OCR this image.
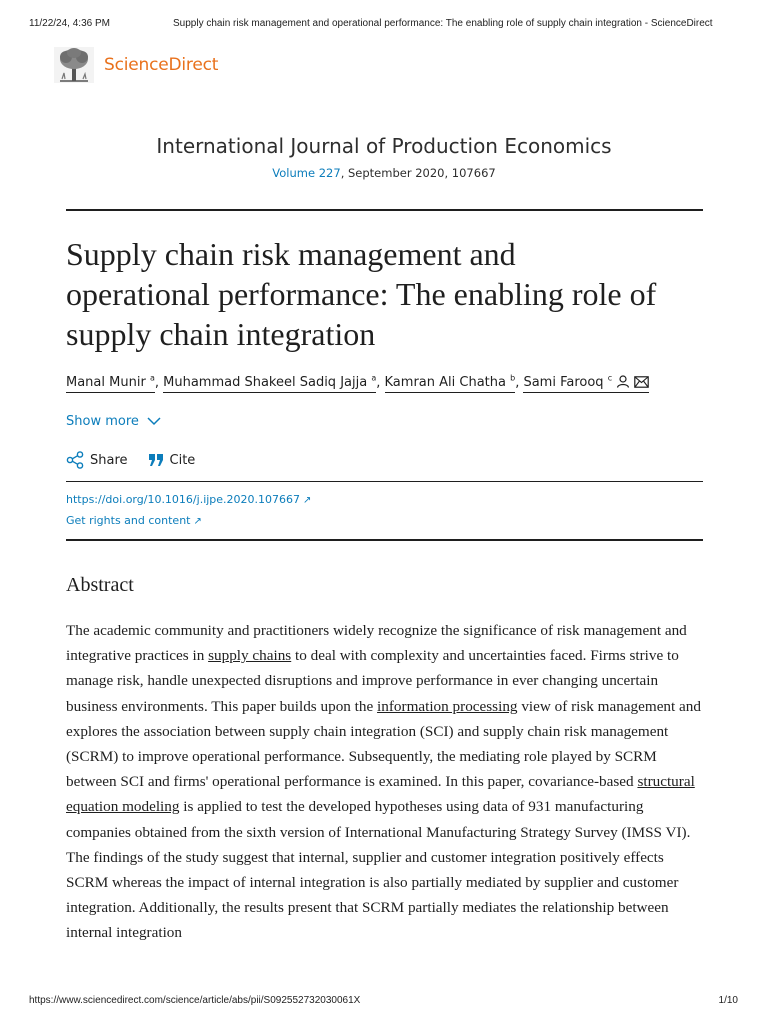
11/22/24, 4:36 PM	Supply chain risk management and operational performance: The enabling role of supply chain integration - ScienceDirect
ScienceDirect
International Journal of Production Economics
Volume 227, September 2020, 107667
Supply chain risk management and
operational performance: The enabling role of
supply chain integration
Manal Munir $^a$, Muhammad Shakeel Sadiq Jajja $^a$, Kamran Ali Chatha $^b$, Sami Farooq $^c$
Show more
Share	Cite
https://doi.org/10.1016/j.ijpe.2020.107667 ↗
Get rights and content ↗
Abstract

The academic community and practitioners widely recognize the significance of risk management and integrative practices in supply chains to deal with complexity and uncertainties faced. Firms strive to manage risk, handle unexpected disruptions and improve performance in ever changing uncertain business environments. This paper builds upon the information processing view of risk management and explores the association between supply chain integration (SCI) and supply chain risk management (SCRM) to improve operational performance. Subsequently, the mediating role played by SCRM between SCI and firms' operational performance is examined. In this paper, covariance-based structural equation modeling is applied to test the developed hypotheses using data of 931 manufacturing companies obtained from the sixth version of International Manufacturing Strategy Survey (IMSS VI). The findings of the study suggest that internal, supplier and customer integration positively effects SCRM whereas the impact of internal integration is also partially mediated by supplier and customer integration. Additionally, the results present that SCRM partially mediates the relationship between internal integration

https://www.sciencedirect.com/science/article/abs/pii/S092552732030061X	1/10
